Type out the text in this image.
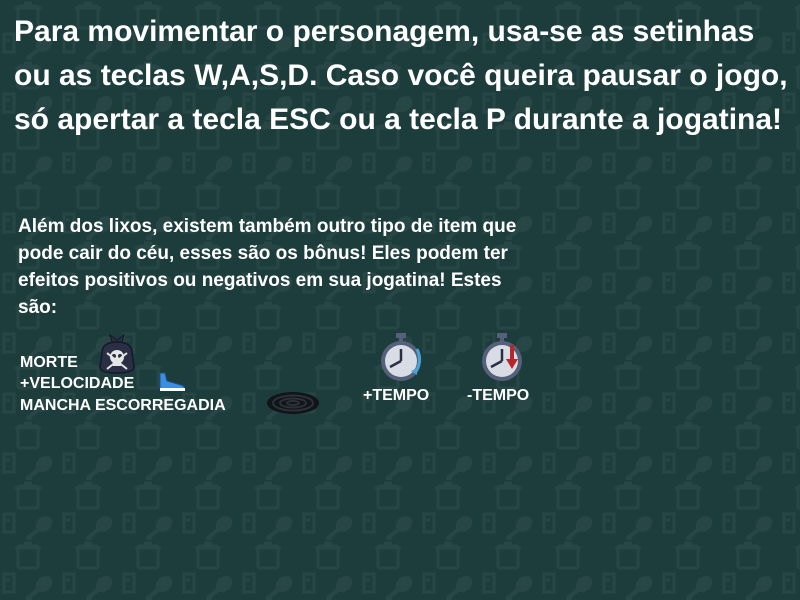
Para movimentar o personagem, usa-se as setinhas ou as teclas W,A,S,D. Caso você queira pausar o jogo, só apertar a tecla ESC ou a tecla P durante a jogatina!

Além dos lixos, existem também outro tipo de item que pode cair do céu, esses são os bônus! Eles podem ter efeitos positivos ou negativos em sua jogatina! Estes são:

MORTE
+VELOCIDADE
MANCHA ESCORREGADIA
+TEMPO -TEMPO
